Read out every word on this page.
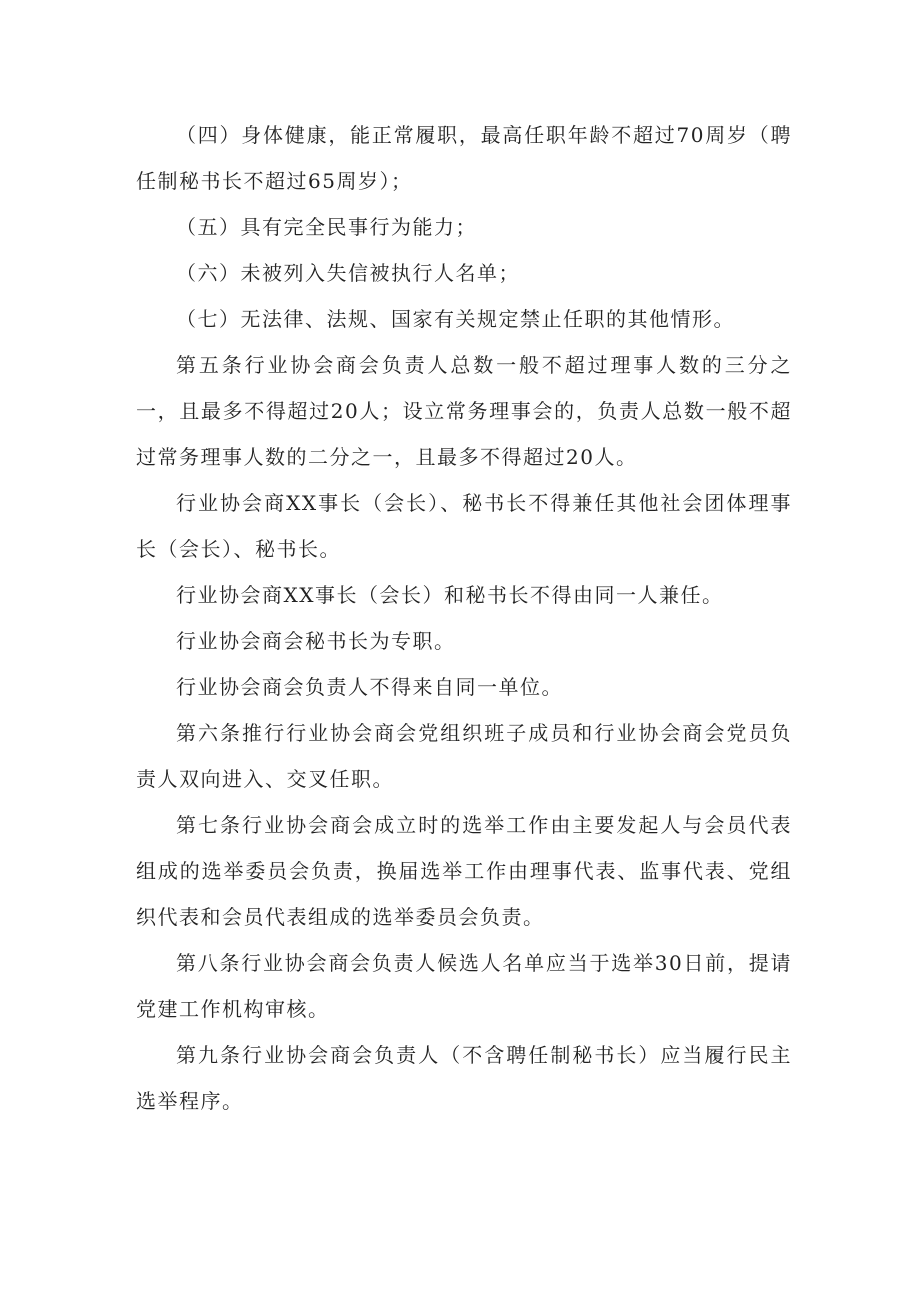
（四）身体健康，能正常履职，最高任职年龄不超过70周岁（聘任制秘书长不超过65周岁）；

（五）具有完全民事行为能力；

（六）未被列入失信被执行人名单；

（七）无法律、法规、国家有关规定禁止任职的其他情形。

第五条行业协会商会负责人总数一般不超过理事人数的三分之一，且最多不得超过20人；设立常务理事会的，负责人总数一般不超过常务理事人数的二分之一，且最多不得超过20人。

行业协会商XX事长（会长）、秘书长不得兼任其他社会团体理事长（会长）、秘书长。

行业协会商XX事长（会长）和秘书长不得由同一人兼任。

行业协会商会秘书长为专职。

行业协会商会负责人不得来自同一单位。

第六条推行行业协会商会党组织班子成员和行业协会商会党员负责人双向进入、交叉任职。

第七条行业协会商会成立时的选举工作由主要发起人与会员代表组成的选举委员会负责，换届选举工作由理事代表、监事代表、党组织代表和会员代表组成的选举委员会负责。

第八条行业协会商会负责人候选人名单应当于选举30日前，提请党建工作机构审核。

第九条行业协会商会负责人（不含聘任制秘书长）应当履行民主选举程序。
